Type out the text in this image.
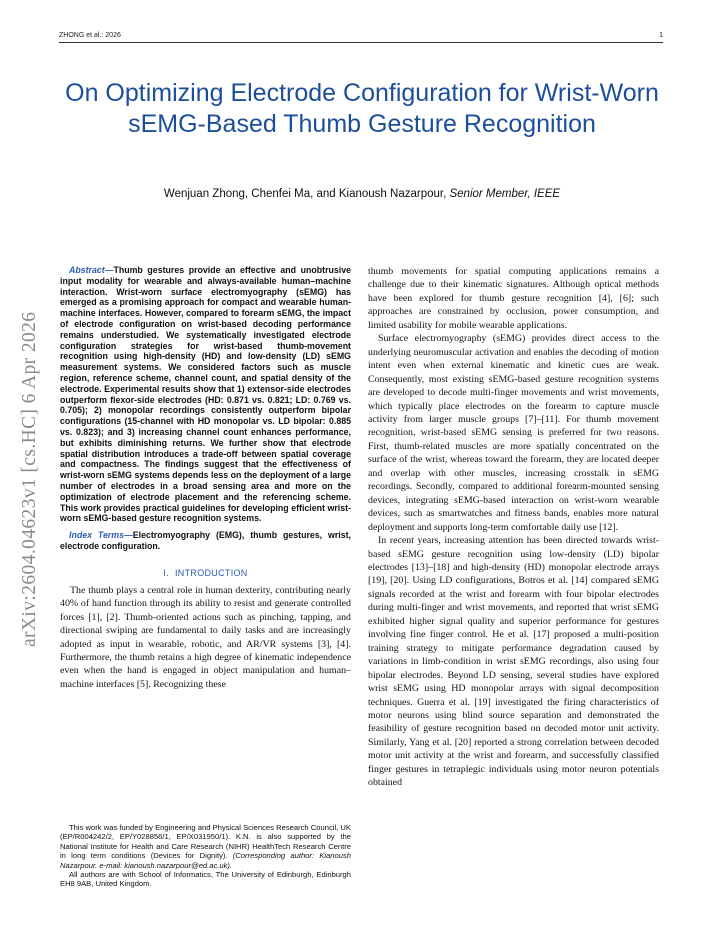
ZHONG et al.: 2026	1
On Optimizing Electrode Configuration for Wrist-Worn sEMG-Based Thumb Gesture Recognition
Wenjuan Zhong, Chenfei Ma, and Kianoush Nazarpour, Senior Member, IEEE
arXiv:2604.04623v1 [cs.HC] 6 Apr 2026

Abstract—Thumb gestures provide an effective and unobtrusive input modality for wearable and always-available human–machine interaction. Wrist-worn surface electromyography (sEMG) has emerged as a promising approach for compact and wearable human-machine interfaces. However, compared to forearm sEMG, the impact of electrode configuration on wrist-based decoding performance remains understudied. We systematically investigated electrode configuration strategies for wrist-based thumb-movement recognition using high-density (HD) and low-density (LD) sEMG measurement systems. We considered factors such as muscle region, reference scheme, channel count, and spatial density of the electrode. Experimental results show that 1) extensor-side electrodes outperform flexor-side electrodes (HD: 0.871 vs. 0.821; LD: 0.769 vs. 0.705); 2) monopolar recordings consistently outperform bipolar configurations (15-channel with HD monopolar vs. LD bipolar: 0.885 vs. 0.823); and 3) increasing channel count enhances performance, but exhibits diminishing returns. We further show that electrode spatial distribution introduces a trade-off between spatial coverage and compactness. The findings suggest that the effectiveness of wrist-worn sEMG systems depends less on the deployment of a large number of electrodes in a broad sensing area and more on the optimization of electrode placement and the referencing scheme. This work provides practical guidelines for developing efficient wrist-worn sEMG-based gesture recognition systems.

Index Terms—Electromyography (EMG), thumb gestures, wrist, electrode configuration.

I. INTRODUCTION

The thumb plays a central role in human dexterity, contributing nearly 40% of hand function through its ability to resist and generate controlled forces [1], [2]. Thumb-oriented actions such as pinching, tapping, and directional swiping are fundamental to daily tasks and are increasingly adopted as input in wearable, robotic, and AR/VR systems [3], [4]. Furthermore, the thumb retains a high degree of kinematic independence even when the hand is engaged in object manipulation and human–machine interfaces [5]. Recognizing these

thumb movements for spatial computing applications remains a challenge due to their kinematic signatures. Although optical methods have been explored for thumb gesture recognition [4], [6]; such approaches are constrained by occlusion, power consumption, and limited usability for mobile wearable applications.

Surface electromyography (sEMG) provides direct access to the underlying neuromuscular activation and enables the decoding of motion intent even when external kinematic and kinetic cues are weak. Consequently, most existing sEMG-based gesture recognition systems are developed to decode multi-finger movements and wrist movements, which typically place electrodes on the forearm to capture muscle activity from larger muscle groups [7]–[11]. For thumb movement recognition, wrist-based sEMG sensing is preferred for two reasons. First, thumb-related muscles are more spatially concentrated on the surface of the wrist, whereas toward the forearm, they are located deeper and overlap with other muscles, increasing crosstalk in sEMG recordings. Secondly, compared to additional forearm-mounted sensing devices, integrating sEMG-based interaction on wrist-worn wearable devices, such as smartwatches and fitness bands, enables more natural deployment and supports long-term comfortable daily use [12].

In recent years, increasing attention has been directed towards wrist-based sEMG gesture recognition using low-density (LD) bipolar electrodes [13]–[18] and high-density (HD) monopolar electrode arrays [19], [20]. Using LD configurations, Botros et al. [14] compared sEMG signals recorded at the wrist and forearm with four bipolar electrodes during multi-finger and wrist movements, and reported that wrist sEMG exhibited higher signal quality and superior performance for gestures involving fine finger control. He et al. [17] proposed a multi-position training strategy to mitigate performance degradation caused by variations in limb-condition in wrist sEMG recordings, also using four bipolar electrodes. Beyond LD sensing, several studies have explored wrist sEMG using HD monopolar arrays with signal decomposition techniques. Guerra et al. [19] investigated the firing characteristics of motor neurons using blind source separation and demonstrated the feasibility of gesture recognition based on decoded motor unit activity. Similarly, Yang et al. [20] reported a strong correlation between decoded motor unit activity at the wrist and forearm, and successfully classified finger gestures in tetraplegic individuals using motor neuron potentials obtained

This work was funded by Engineering and Physical Sciences Research Council, UK (EP/R004242/2, EP/Y028856/1, EP/X031950/1). K.N. is also supported by the National Institute for Health and Care Research (NIHR) HealthTech Research Centre in long term conditions (Devices for Dignity). (Corresponding author: Kianoush Nazarpour. e-mail: kianoush.nazarpour@ed.ac.uk).

All authors are with School of Informatics, The University of Edinburgh, Edinburgh EH8 9AB, United Kingdom.
